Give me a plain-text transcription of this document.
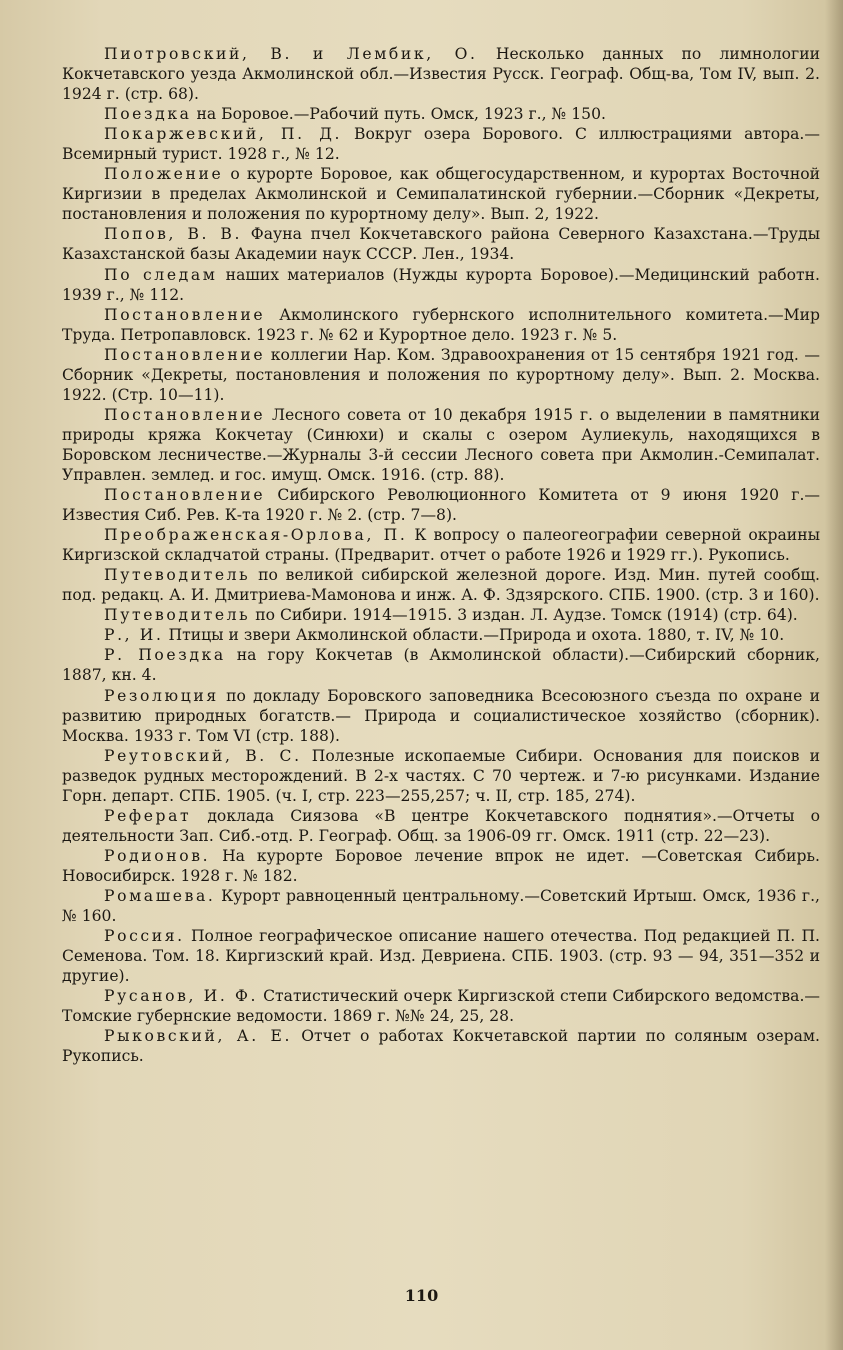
Пиотровский, В. и Лембик, О. Несколько данных по лимнологии Кокчетавского уезда Акмолинской обл.—Известия Русск. Географ. Общ-ва, Том IV, вып. 2. 1924 г. (стр. 68).

Поездка на Боровое.—Рабочий путь. Омск, 1923 г., № 150.

Покаржевский, П. Д. Вокруг озера Борового. С иллюстрациями автора.—Всемирный турист. 1928 г., № 12.

Положение о курорте Боровое, как общегосударственном, и курортах Восточной Киргизии в пределах Акмолинской и Семипалатинской губернии.—Сборник «Декреты, постановления и положения по курортному делу». Вып. 2, 1922.

Попов, В. В. Фауна пчел Кокчетавского района Северного Казахстана.—Труды Казахстанской базы Академии наук СССР. Лен., 1934.

По следам наших материалов (Нужды курорта Боровое).—Медицинский работн. 1939 г., № 112.

Постановление Акмолинского губернского исполнительного комитета.—Мир Труда. Петропавловск. 1923 г. № 62 и Курортное дело. 1923 г. № 5.

Постановление коллегии Нар. Ком. Здравоохранения от 15 сентября 1921 год. —Сборник «Декреты, постановления и положения по курортному делу». Вып. 2. Москва. 1922. (Стр. 10—11).

Постановление Лесного совета от 10 декабря 1915 г. о выделении в памятники природы кряжа Кокчетау (Синюхи) и скалы с озером Аулиекуль, находящихся в Боровском лесничестве.—Журналы 3-й сессии Лесного совета при Акмолин.-Семипалат. Управлен. землед. и гос. имущ. Омск. 1916. (стр. 88).

Постановление Сибирского Революционного Комитета от 9 июня 1920 г.—Известия Сиб. Рев. К-та 1920 г. № 2. (стр. 7—8).

Преображенская-Орлова, П. К вопросу о палеогеографии северной окраины Киргизской складчатой страны. (Предварит. отчет о работе 1926 и 1929 гг.). Рукопись.

Путеводитель по великой сибирской железной дороге. Изд. Мин. путей сообщ. под. редакц. А. И. Дмитриева-Мамонова и инж. А. Ф. Здзярского. СПБ. 1900. (стр. 3 и 160).

Путеводитель по Сибири. 1914—1915. 3 издан. Л. Аудзе. Томск (1914) (стр. 64).

Р., И. Птицы и звери Акмолинской области.—Природа и охота. 1880, т. IV, № 10.

Р. Поездка на гору Кокчетав (в Акмолинской области).—Сибирский сборник, 1887, кн. 4.

Резолюция по докладу Боровского заповедника Всесоюзного съезда по охране и развитию природных богатств.— Природа и социалистическое хозяйство (сборник). Москва. 1933 г. Том VI (стр. 188).

Реутовский, В. С. Полезные ископаемые Сибири. Основания для поисков и разведок рудных месторождений. В 2-х частях. С 70 чертеж. и 7-ю рисунками. Издание Горн. департ. СПБ. 1905. (ч. I, стр. 223—255,257; ч. II, стр. 185, 274).

Реферат доклада Сиязова «В центре Кокчетавского поднятия».—Отчеты о деятельности Зап. Сиб.-отд. Р. Географ. Общ. за 1906-09 гг. Омск. 1911 (стр. 22—23).

Родионов. На курорте Боровое лечение впрок не идет. —Советская Сибирь. Новосибирск. 1928 г. № 182.

Ромашева. Курорт равноценный центральному.—Советский Иртыш. Омск, 1936 г., № 160.

Россия. Полное географическое описание нашего отечества. Под редакцией П. П. Семенова. Том. 18. Киргизский край. Изд. Девриена. СПБ. 1903. (стр. 93 — 94, 351—352 и другие).

Русанов, И. Ф. Статистический очерк Киргизской степи Сибирского ведомства.—Томские губернские ведомости. 1869 г. №№ 24, 25, 28.

Рыковский, А. Е. Отчет о работах Кокчетавской партии по соляным озерам. Рукопись.

110
